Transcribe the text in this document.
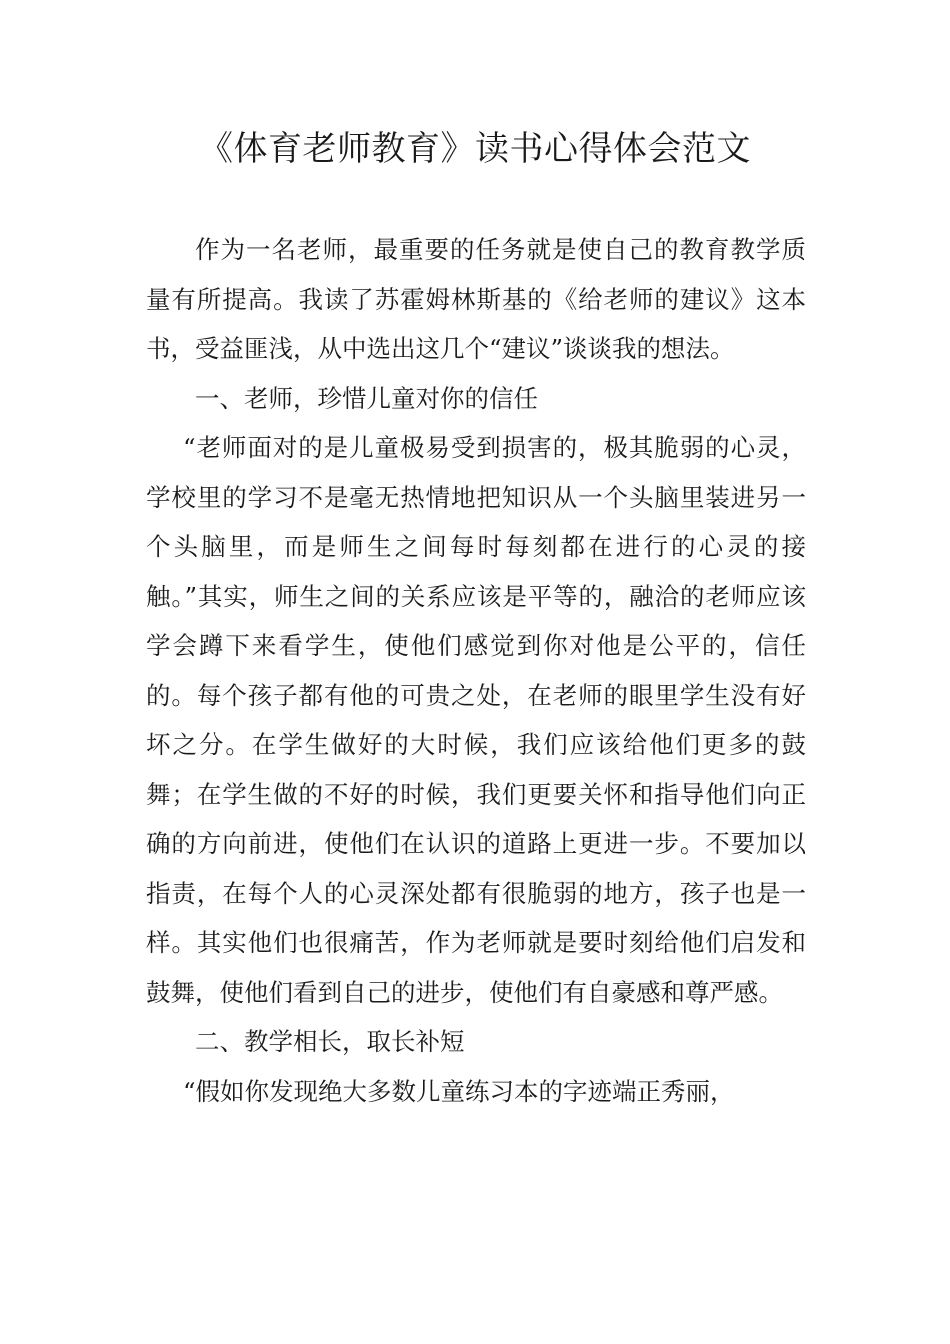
《体育老师教育》读书心得体会范文

作为一名老师，最重要的任务就是使自己的教育教学质量有所提高。我读了苏霍姆林斯基的《给老师的建议》这本书，受益匪浅，从中选出这几个“建议”谈谈我的想法。

一、老师，珍惜儿童对你的信任

“老师面对的是儿童极易受到损害的，极其脆弱的心灵，学校里的学习不是毫无热情地把知识从一个头脑里装进另一个头脑里，而是师生之间每时每刻都在进行的心灵的接触。”其实，师生之间的关系应该是平等的，融洽的老师应该学会蹲下来看学生，使他们感觉到你对他是公平的，信任的。每个孩子都有他的可贵之处，在老师的眼里学生没有好坏之分。在学生做好的大时候，我们应该给他们更多的鼓舞；在学生做的不好的时候，我们更要关怀和指导他们向正确的方向前进，使他们在认识的道路上更进一步。不要加以指责，在每个人的心灵深处都有很脆弱的地方，孩子也是一样。其实他们也很痛苦，作为老师就是要时刻给他们启发和鼓舞，使他们看到自己的进步，使他们有自豪感和尊严感。

二、教学相长，取长补短

“假如你发现绝大多数儿童练习本的字迹端正秀丽，
